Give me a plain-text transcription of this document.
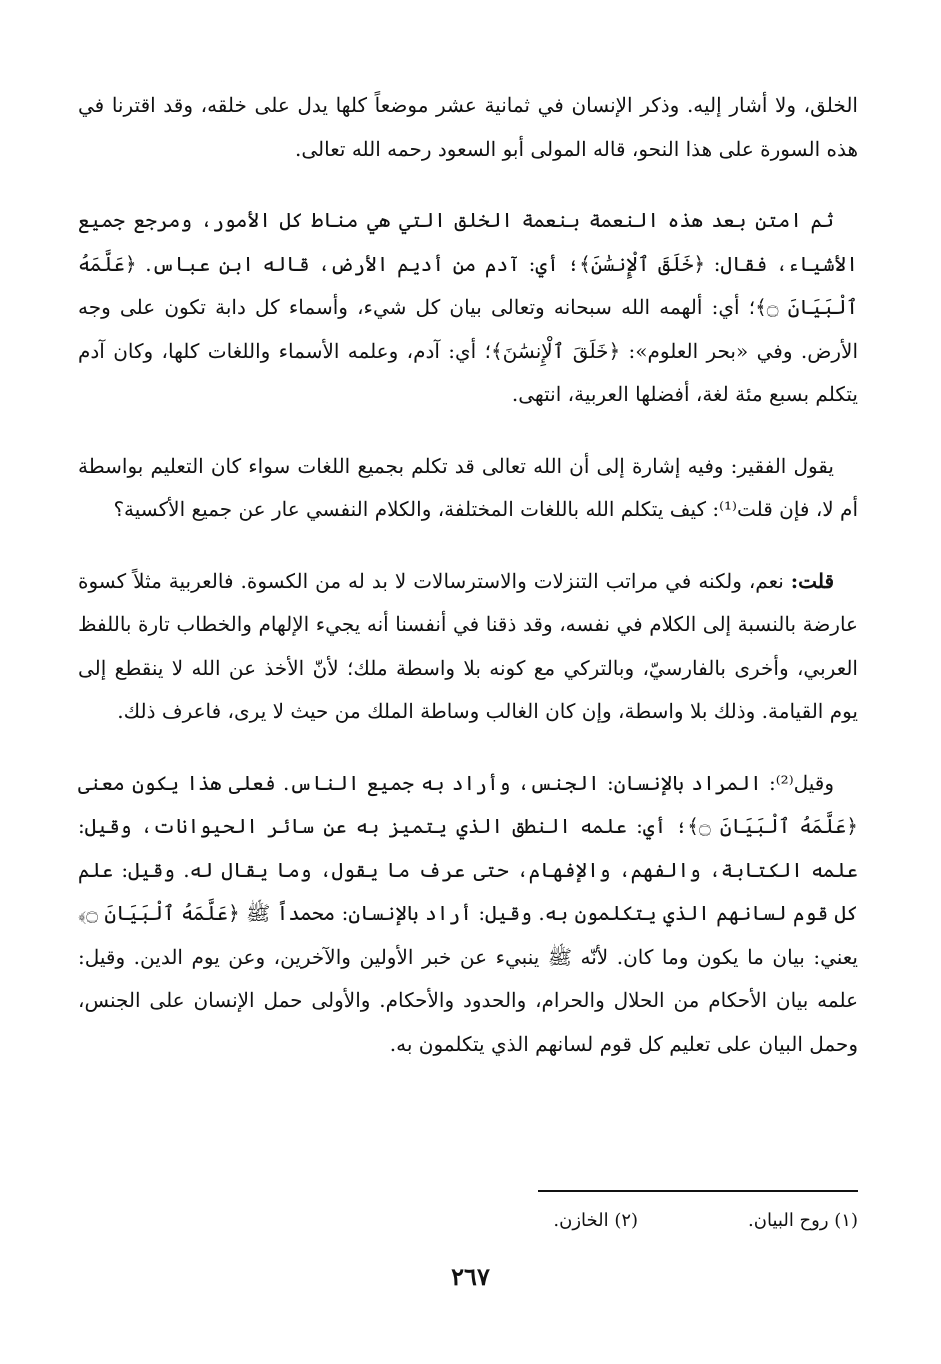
الخلق، ولا أشار إليه. وذكر الإنسان في ثمانية عشر موضعاً كلها يدل على خلقه، وقد اقترنا في هذه السورة على هذا النحو، قاله المولى أبو السعود رحمه الله تعالى.

ثم امتن بعد هذه النعمة بنعمة الخلق التي هي مناط كل الأمور، ومرجع جميع الأشياء، فقال: ﴿خَلَقَ ٱلْإِنسَٰنَ﴾؛ أي: آدم من أديم الأرض، قاله ابن عباس. ﴿عَلَّمَهُ ٱلْبَيَانَ ۝﴾؛ أي: ألهمه الله سبحانه وتعالى بيان كل شيء، وأسماء كل دابة تكون على وجه الأرض. وفي «بحر العلوم»: ﴿خَلَقَ ٱلْإِنسَٰنَ﴾؛ أي: آدم، وعلمه الأسماء واللغات كلها، وكان آدم يتكلم بسبع مئة لغة، أفضلها العربية، انتهى.

يقول الفقير: وفيه إشارة إلى أن الله تعالى قد تكلم بجميع اللغات سواء كان التعليم بواسطة أم لا، فإن قلت⁽¹⁾: كيف يتكلم الله باللغات المختلفة، والكلام النفسي عار عن جميع الأكسية؟

قلت: نعم، ولكنه في مراتب التنزلات والاسترسالات لا بد له من الكسوة. فالعربية مثلاً كسوة عارضة بالنسبة إلى الكلام في نفسه، وقد ذقنا في أنفسنا أنه يجيء الإلهام والخطاب تارة باللفظ العربي، وأخرى بالفارسيّ، وبالتركي مع كونه بلا واسطة ملك؛ لأنّ الأخذ عن الله لا ينقطع إلى يوم القيامة. وذلك بلا واسطة، وإن كان الغالب وساطة الملك من حيث لا يرى، فاعرف ذلك.

وقيل⁽²⁾: المراد بالإنسان: الجنس، وأراد به جميع الناس. فعلى هذا يكون معنى ﴿عَلَّمَهُ ٱلْبَيَانَ ۝﴾؛ أي: علمه النطق الذي يتميز به عن سائر الحيوانات، وقيل: علمه الكتابة، والفهم، والإفهام، حتى عرف ما يقول، وما يقال له. وقيل: علم كل قوم لسانهم الذي يتكلمون به. وقيل: أراد بالإنسان: محمداً ﷺ ﴿عَلَّمَهُ ٱلْبَيَانَ ۝﴾ يعني: بيان ما يكون وما كان. لأنّه ﷺ ينبيء عن خبر الأولين والآخرين، وعن يوم الدين. وقيل: علمه بيان الأحكام من الحلال والحرام، والحدود والأحكام. والأولى حمل الإنسان على الجنس، وحمل البيان على تعليم كل قوم لسانهم الذي يتكلمون به.

(١) روح البيان.
(٢) الخازن.
٢٦٧
